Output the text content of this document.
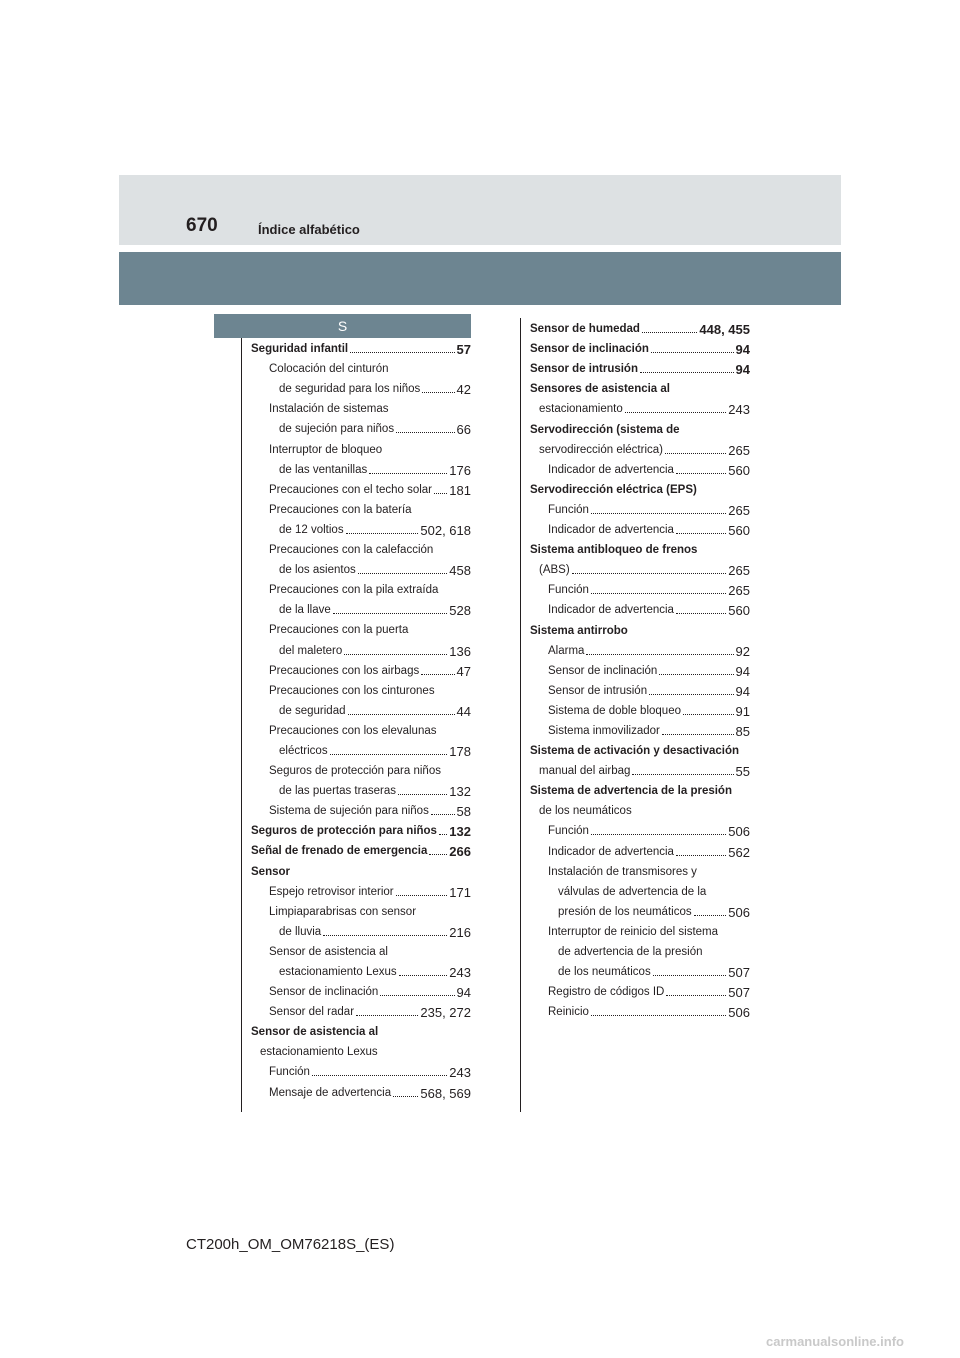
670	Índice alfabético
S
Seguridad infantil	57
Colocación del cinturón
de seguridad para los niños	42
Instalación de sistemas
de sujeción para niños	66
Interruptor de bloqueo
de las ventanillas	176
Precauciones con el techo solar 181
Precauciones con la batería
de 12 voltios	502, 618
Precauciones con la calefacción
de los asientos	458
Precauciones con la pila extraída
de la llave	528
Precauciones con la puerta
del maletero	136
Precauciones con los airbags	47
Precauciones con los cinturones
de seguridad	44
Precauciones con los elevalunas
eléctricos	178
Seguros de protección para niños
de las puertas traseras	132
Sistema de sujeción para niños 58
Seguros de protección para niños 132
Señal de frenado de emergencia 266
Sensor
Espejo retrovisor interior	171
Limpiaparabrisas con sensor
de lluvia	216
Sensor de asistencia al
estacionamiento Lexus	243
Sensor de inclinación	94
Sensor del radar	235, 272
Sensor de asistencia al
estacionamiento Lexus
Función	243
Mensaje de advertencia 568, 569
Sensor de humedad	448, 455
Sensor de inclinación	94
Sensor de intrusión	94
Sensores de asistencia al
estacionamiento	243
Servodirección (sistema de
servodirección eléctrica)	265
Indicador de advertencia	560
Servodirección eléctrica (EPS)
Función	265
Indicador de advertencia	560
Sistema antibloqueo de frenos
(ABS)	265
Función	265
Indicador de advertencia	560
Sistema antirrobo
Alarma	92
Sensor de inclinación	94
Sensor de intrusión	94
Sistema de doble bloqueo	91
Sistema inmovilizador	85
Sistema de activación y desactivación
manual del airbag	55
Sistema de advertencia de la presión
de los neumáticos
Función	506
Indicador de advertencia	562
Instalación de transmisores y
válvulas de advertencia de la
presión de los neumáticos	506
Interruptor de reinicio del sistema
de advertencia de la presión
de los neumáticos	507
Registro de códigos ID	507
Reinicio	506
CT200h_OM_OM76218S_(ES)
carmanualsonline.info
